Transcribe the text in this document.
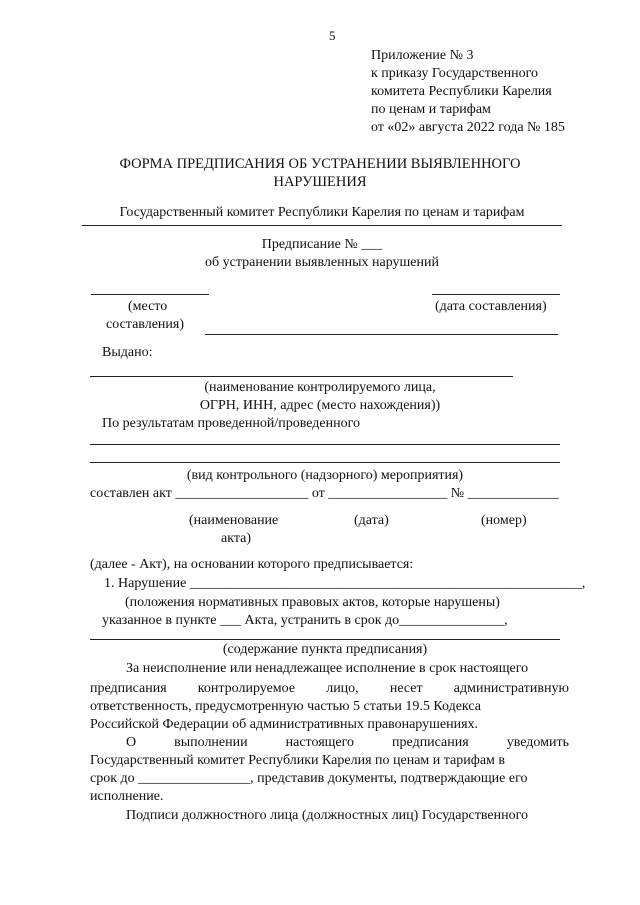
5
Приложение № 3
к приказу Государственного
комитета Республики Карелия
по ценам и тарифам
от «02» августа 2022 года № 185
ФОРМА ПРЕДПИСАНИЯ ОБ УСТРАНЕНИИ ВЫЯВЛЕННОГО
НАРУШЕНИЯ
Государственный комитет Республики Карелия по ценам и тарифам
Предписание № ___
об устранении выявленных нарушений
(место
составления)
(дата составления)
Выдано:
(наименование контролируемого лица,
ОГРН, ИНН, адрес (место нахождения))
По результатам проведенной/проведенного
(вид контрольного (надзорного) мероприятия)
составлен акт ___________________ от _________________ № _____________
(наименование
акта)
(дата)	(номер)
(далее - Акт), на основании которого предписывается:
1. Нарушение ________________________________________________________,
(положения нормативных правовых актов, которые нарушены)
указанное в пункте ___ Акта, устранить в срок до_______________,
(содержание пункта предписания)
За неисполнение или ненадлежащее исполнение в срок настоящего
предписания контролируемое лицо, несет административную
ответственность, предусмотренную частью 5 статьи 19.5 Кодекса
Российской Федерации об административных правонарушениях.
О	выполнении	настоящего	предписания	уведомить
Государственный комитет Республики Карелия по ценам и тарифам в
срок до ________________, представив документы, подтверждающие его
исполнение.
Подписи должностного лица (должностных лиц) Государственного
